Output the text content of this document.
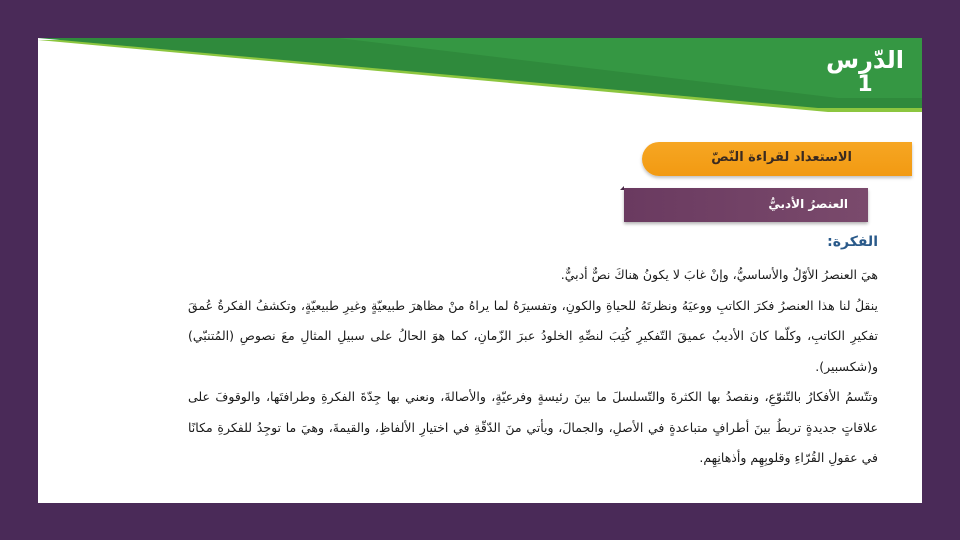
الدّرس
1
الاستعداد لقراءة النّصّ
العنصرُ الأدبيُّ
الفكرة:

هيَ العنصرُ الأوّلُ والأساسيُّ، وإنْ غابَ لا يكونُ هناكَ نصٌّ أدبيٌّ.

ينقلُ لنا هذا العنصرُ فكرَ الكاتبِ ووعيَهُ ونظرتَهُ للحياةِ والكونِ، وتفسيرَهُ لما يراهُ منْ مظاهرَ طبيعيّةٍ وغيرِ طبيعيّةٍ، وتكشفُ الفكرةُ عُمقَ تفكيرِ الكاتبِ، وكلّما كانَ الأديبُ عميقَ التّفكيرِ كُتِبَ لنصِّهِ الخلودُ عبرَ الزّمانِ، كما هوَ الحالُ على سبيلِ المثالِ معَ نصوصِ (المُتنبّي) و(شكسبير).

وتتّسمُ الأفكارُ بالتّنوّعِ، ونقصدُ بها الكثرةَ والتّسلسلَ ما بينَ رئيسةٍ وفرعيّةٍ، والأصالةَ، ونعني بها جِدّةَ الفكرةِ وطرافتَها، والوقوفَ على علاقاتٍ جديدةٍ تربطُ بينَ أطرافٍ متباعدةٍ في الأصلِ، والجمالَ، ويأتي منَ الدّقّةِ في اختيارِ الألفاظِ، والقيمةَ، وهيَ ما توجِدُ للفكرةِ مكانًا في عقولِ القُرّاءِ وقلوبِهِم وأذهانِهِم.
